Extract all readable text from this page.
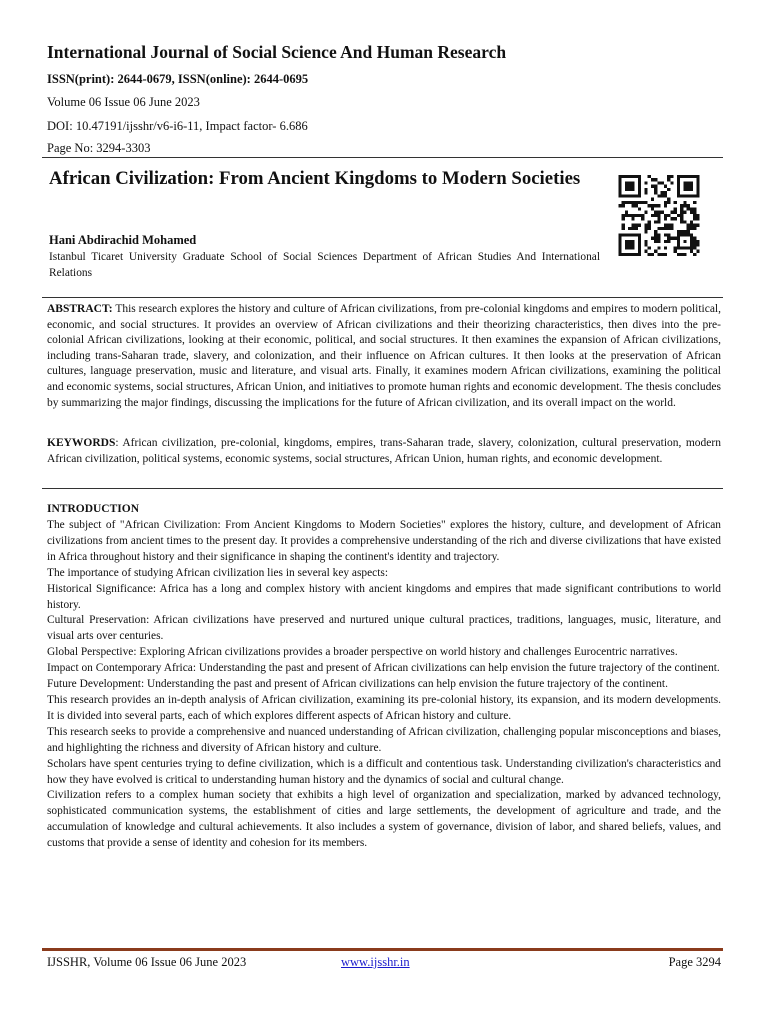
International Journal of Social Science And Human Research
ISSN(print): 2644-0679, ISSN(online): 2644-0695
Volume 06 Issue 06 June 2023
DOI: 10.47191/ijsshr/v6-i6-11, Impact factor- 6.686
Page No: 3294-3303
African Civilization: From Ancient Kingdoms to Modern Societies
Hani Abdirachid Mohamed
Istanbul Ticaret University Graduate School of Social Sciences Department of African Studies And International Relations
ABSTRACT: This research explores the history and culture of African civilizations, from pre-colonial kingdoms and empires to modern political, economic, and social structures. It provides an overview of African civilizations and their theorizing characteristics, then dives into the pre-colonial African civilizations, looking at their economic, political, and social structures. It then examines the expansion of African civilizations, including trans-Saharan trade, slavery, and colonization, and their influence on African cultures. It then looks at the preservation of African cultures, language preservation, music and literature, and visual arts. Finally, it examines modern African civilizations, examining the political and economic systems, social structures, African Union, and initiatives to promote human rights and economic development. The thesis concludes by summarizing the major findings, discussing the implications for the future of African civilization, and its overall impact on the world.
KEYWORDS: African civilization, pre-colonial, kingdoms, empires, trans-Saharan trade, slavery, colonization, cultural preservation, modern African civilization, political systems, economic systems, social structures, African Union, human rights, and economic development.
INTRODUCTION

The subject of "African Civilization: From Ancient Kingdoms to Modern Societies" explores the history, culture, and development of African civilizations from ancient times to the present day. It provides a comprehensive understanding of the rich and diverse civilizations that have existed in Africa throughout history and their significance in shaping the continent's identity and trajectory.

The importance of studying African civilization lies in several key aspects:

Historical Significance: Africa has a long and complex history with ancient kingdoms and empires that made significant contributions to world history.

Cultural Preservation: African civilizations have preserved and nurtured unique cultural practices, traditions, languages, music, literature, and visual arts over centuries.

Global Perspective: Exploring African civilizations provides a broader perspective on world history and challenges Eurocentric narratives.

Impact on Contemporary Africa: Understanding the past and present of African civilizations can help envision the future trajectory of the continent.

Future Development: Understanding the past and present of African civilizations can help envision the future trajectory of the continent.

This research provides an in-depth analysis of African civilization, examining its pre-colonial history, its expansion, and its modern developments. It is divided into several parts, each of which explores different aspects of African history and culture.

This research seeks to provide a comprehensive and nuanced understanding of African civilization, challenging popular misconceptions and biases, and highlighting the richness and diversity of African history and culture.

Scholars have spent centuries trying to define civilization, which is a difficult and contentious task. Understanding civilization's characteristics and how they have evolved is critical to understanding human history and the dynamics of social and cultural change.

Civilization refers to a complex human society that exhibits a high level of organization and specialization, marked by advanced technology, sophisticated communication systems, the establishment of cities and large settlements, the development of agriculture and trade, and the accumulation of knowledge and cultural achievements. It also includes a system of governance, division of labor, and shared beliefs, values, and customs that provide a sense of identity and cohesion for its members.

IJSSHR, Volume 06 Issue 06 June 2023	www.ijsshr.in	Page 3294
